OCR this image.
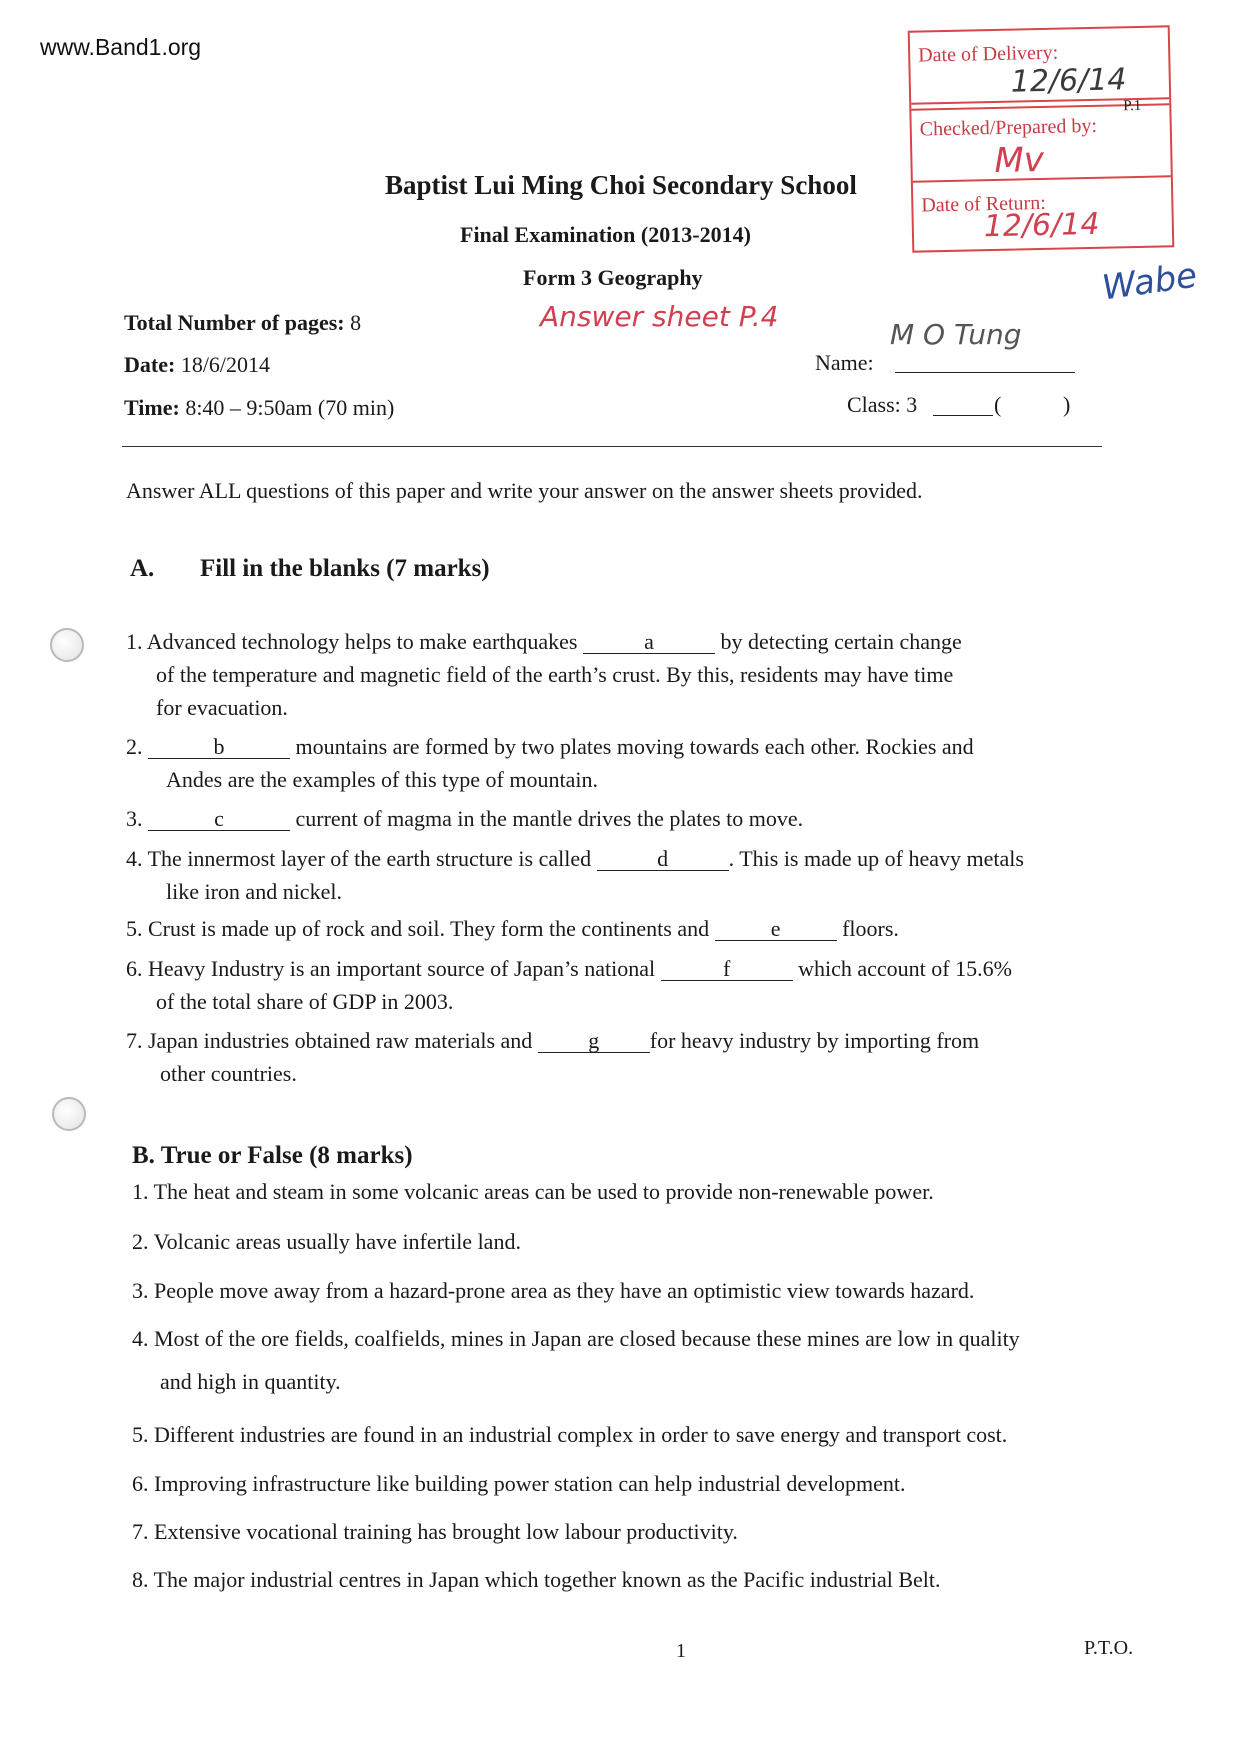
www.Band1.org	Date of Delivery:
12/6/14
Checked/Prepared by:
P.1
Mv
Date of Return:
12/6/14
Wabe
Baptist Lui Ming Choi Secondary School
Final Examination (2013-2014)
Form 3 Geography
Answer sheet P.4
Total Number of pages: 8
Date: 18/6/2014
Time: 8:40 – 9:50am (70 min)
Name:
M O Tung
Class: 3	(	)
Answer ALL questions of this paper and write your answer on the answer sheets provided.
A. Fill in the blanks (7 marks)
1. Advanced technology helps to make earthquakes	a	by detecting certain change
of the temperature and magnetic field of the earth’s crust. By this, residents may have time
for evacuation.
2.	b	mountains are formed by two plates moving towards each other. Rockies and
Andes are the examples of this type of mountain.
3.	c	current of magma in the mantle drives the plates to move.
4. The innermost layer of the earth structure is called	d	. This is made up of heavy metals
like iron and nickel.
5. Crust is made up of rock and soil. They form the continents and	e	floors.
6. Heavy Industry is an important source of Japan’s national	f	which account of 15.6%
of the total share of GDP in 2003.
7. Japan industries obtained raw materials and	g for heavy industry by importing from
other countries.
B. True or False (8 marks)
1. The heat and steam in some volcanic areas can be used to provide non-renewable power.
2. Volcanic areas usually have infertile land.
3. People move away from a hazard-prone area as they have an optimistic view towards hazard.
4. Most of the ore fields, coalfields, mines in Japan are closed because these mines are low in quality
and high in quantity.
5. Different industries are found in an industrial complex in order to save energy and transport cost.
6. Improving infrastructure like building power station can help industrial development.
7. Extensive vocational training has brought low labour productivity.
8. The major industrial centres in Japan which together known as the Pacific industrial Belt.
1	P.T.O.
